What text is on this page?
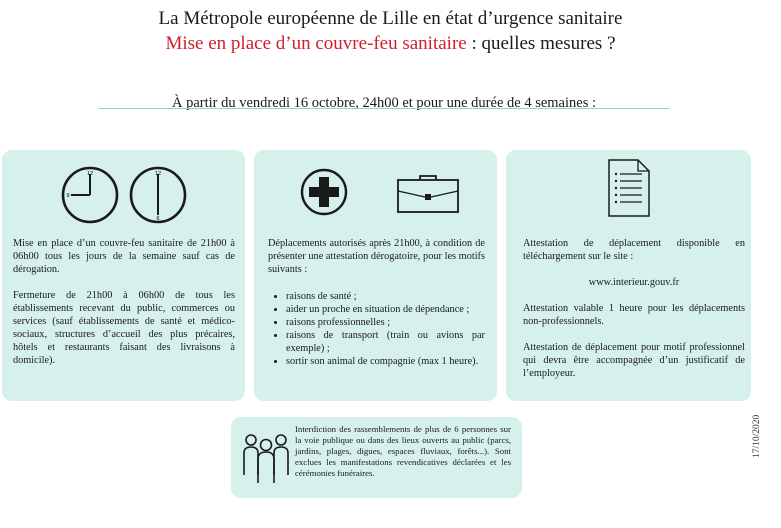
La Métropole européenne de Lille en état d’urgence sanitaire
Mise en place d’un couvre-feu sanitaire : quelles mesures ?
À partir du vendredi 16 octobre, 24h00 et pour une durée de 4 semaines :
12
9
12
6

Mise en place d’un couvre-feu sanitaire de 21h00 à 06h00 tous les jours de la semaine sauf cas de dérogation.

Fermeture de 21h00 à 06h00 de tous les établissements recevant du public, commerces ou services (sauf établissements de santé et médico-sociaux, structures d’accueil des plus précaires, hôtels et restaurants faisant des livraisons à domicile).

Déplacements autorisés après 21h00, à condition de présenter une attestation dérogatoire, pour les motifs suivants :

• raisons de santé ;
• aider un proche en situation de dépendance ;
• raisons professionnelles ;
• raisons de transport (train ou avions par exemple) ;
• sortir son animal de compagnie (max 1 heure).

Attestation de déplacement disponible en téléchargement sur le site :

www.interieur.gouv.fr

Attestation valable 1 heure pour les déplacements non-professionnels.

Attestation de déplacement pour motif professionnel qui devra être accompagnée d’un justificatif de l’employeur.

Interdiction des rassemblements de plus de 6 personnes sur la voie publique ou dans des lieux ouverts au public (parcs, jardins, plages, digues, espaces fluviaux, forêts...). Sont exclues les manifestations revendicatives déclarées et les cérémonies funéraires.
17/10/2020
